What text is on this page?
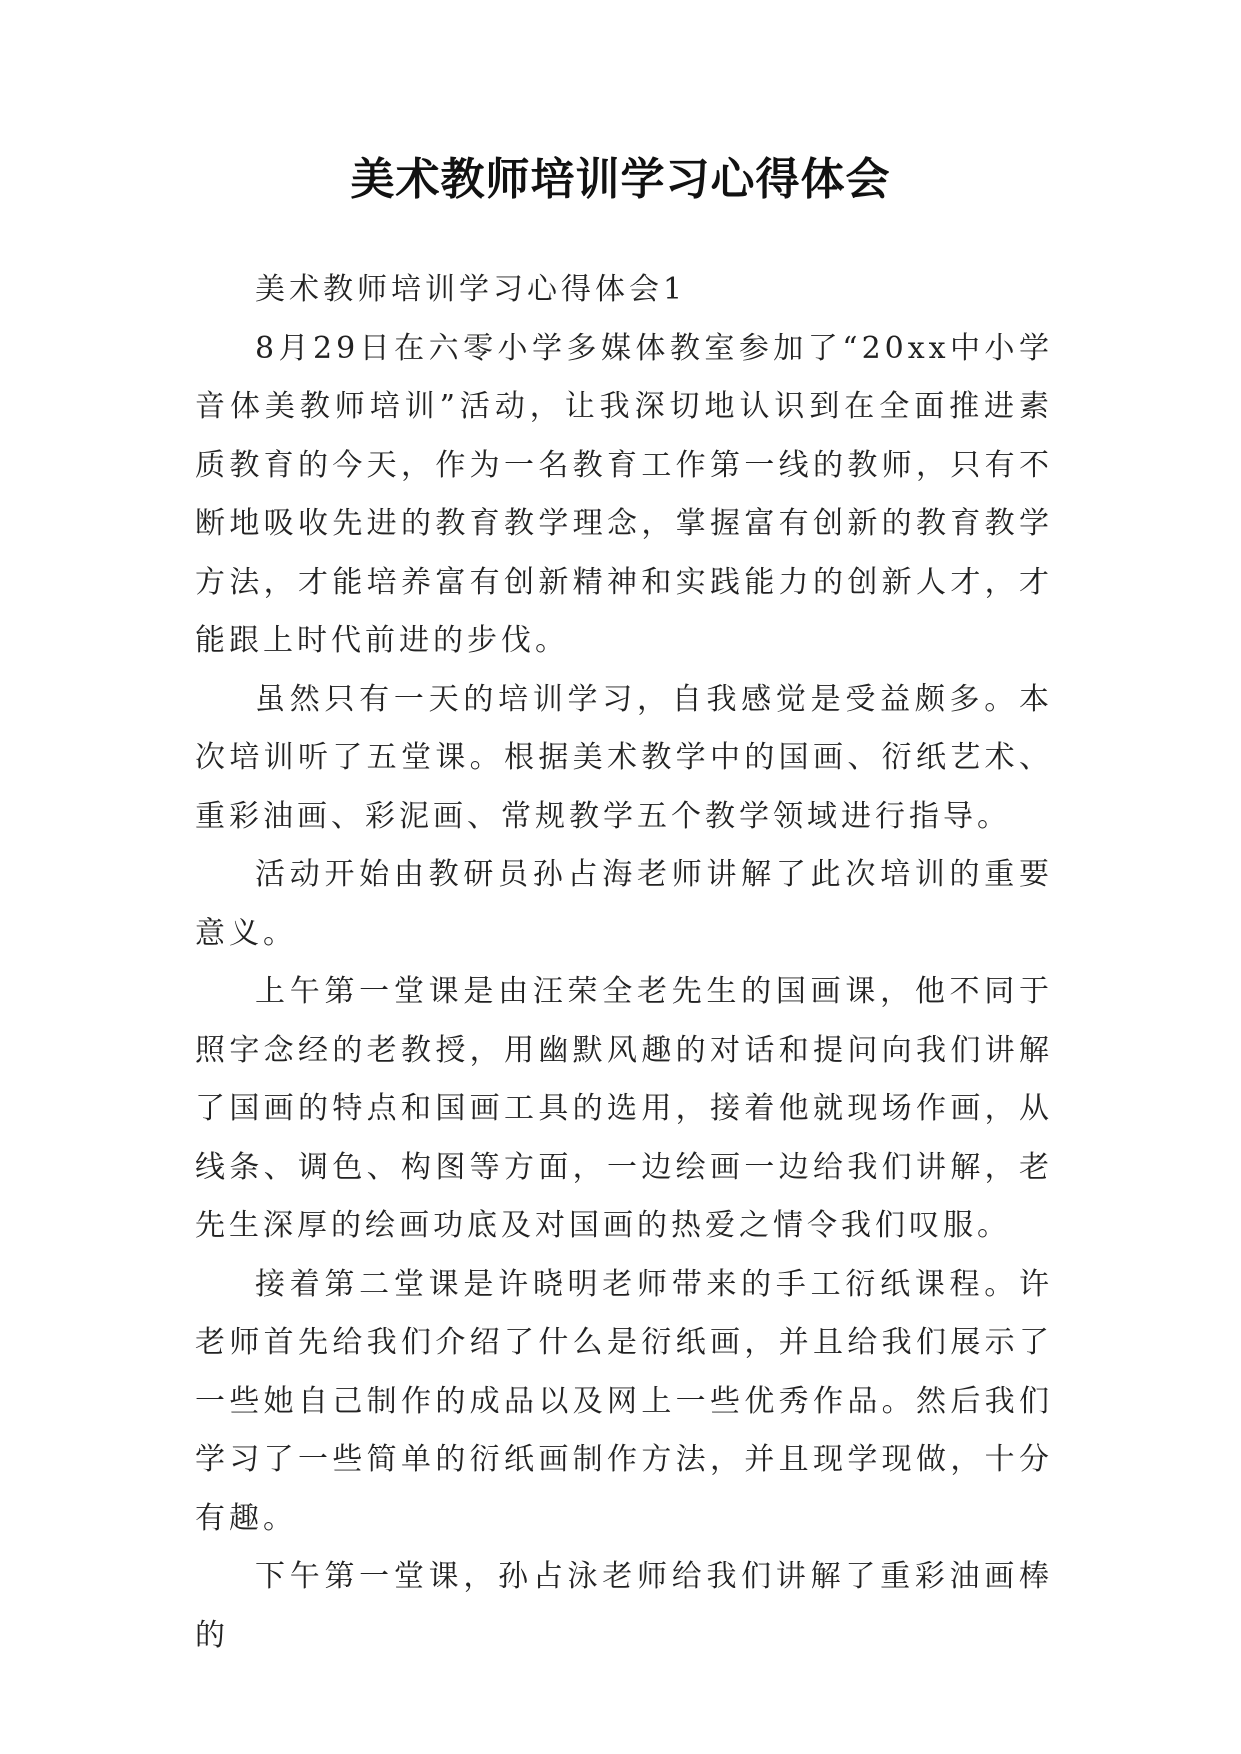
美术教师培训学习心得体会

美术教师培训学习心得体会1

8月29日在六零小学多媒体教室参加了“20xx中小学音体美教师培训”活动，让我深切地认识到在全面推进素质教育的今天，作为一名教育工作第一线的教师，只有不断地吸收先进的教育教学理念，掌握富有创新的教育教学方法，才能培养富有创新精神和实践能力的创新人才，才能跟上时代前进的步伐。

虽然只有一天的培训学习，自我感觉是受益颇多。本次培训听了五堂课。根据美术教学中的国画、衍纸艺术、重彩油画、彩泥画、常规教学五个教学领域进行指导。

活动开始由教研员孙占海老师讲解了此次培训的重要意义。

上午第一堂课是由汪荣全老先生的国画课，他不同于照字念经的老教授，用幽默风趣的对话和提问向我们讲解了国画的特点和国画工具的选用，接着他就现场作画，从线条、调色、构图等方面，一边绘画一边给我们讲解，老先生深厚的绘画功底及对国画的热爱之情令我们叹服。

接着第二堂课是许晓明老师带来的手工衍纸课程。许老师首先给我们介绍了什么是衍纸画，并且给我们展示了一些她自己制作的成品以及网上一些优秀作品。然后我们学习了一些简单的衍纸画制作方法，并且现学现做，十分有趣。

下午第一堂课，孙占泳老师给我们讲解了重彩油画棒的
